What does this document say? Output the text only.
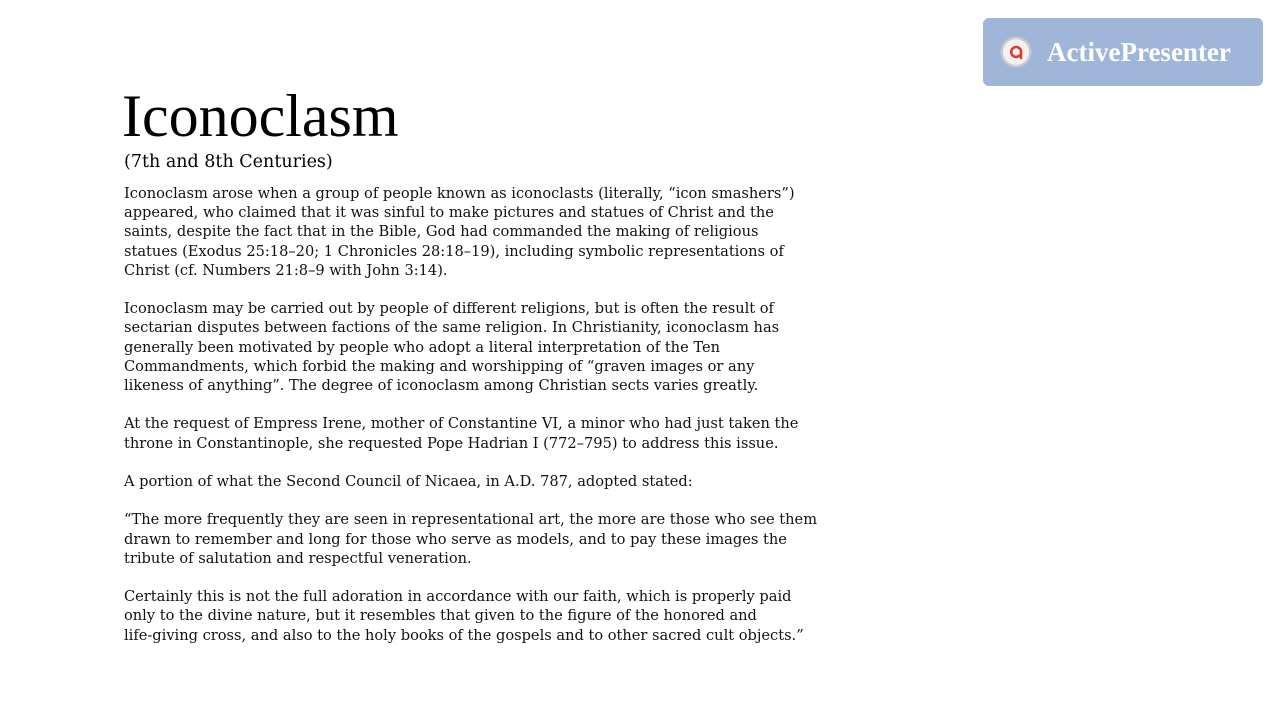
Iconoclasm
(7th and 8th Centuries)

Iconoclasm arose when a group of people known as iconoclasts (literally, “icon smashers”)
appeared, who claimed that it was sinful to make pictures and statues of Christ and the
saints, despite the fact that in the Bible, God had commanded the making of religious
statues (Exodus 25:18–20; 1 Chronicles 28:18–19), including symbolic representations of
Christ (cf. Numbers 21:8–9 with John 3:14).

Iconoclasm may be carried out by people of different religions, but is often the result of
sectarian disputes between factions of the same religion. In Christianity, iconoclasm has
generally been motivated by people who adopt a literal interpretation of the Ten
Commandments, which forbid the making and worshipping of “graven images or any
likeness of anything”. The degree of iconoclasm among Christian sects varies greatly.

At the request of Empress Irene, mother of Constantine VI, a minor who had just taken the
throne in Constantinople, she requested Pope Hadrian I (772–795) to address this issue.

A portion of what the Second Council of Nicaea, in A.D. 787, adopted stated:

“The more frequently they are seen in representational art, the more are those who see them
drawn to remember and long for those who serve as models, and to pay these images the
tribute of salutation and respectful veneration.

Certainly this is not the full adoration in accordance with our faith, which is properly paid
only to the divine nature, but it resembles that given to the figure of the honored and
life-giving cross, and also to the holy books of the gospels and to other sacred cult objects.”

ActivePresenter
